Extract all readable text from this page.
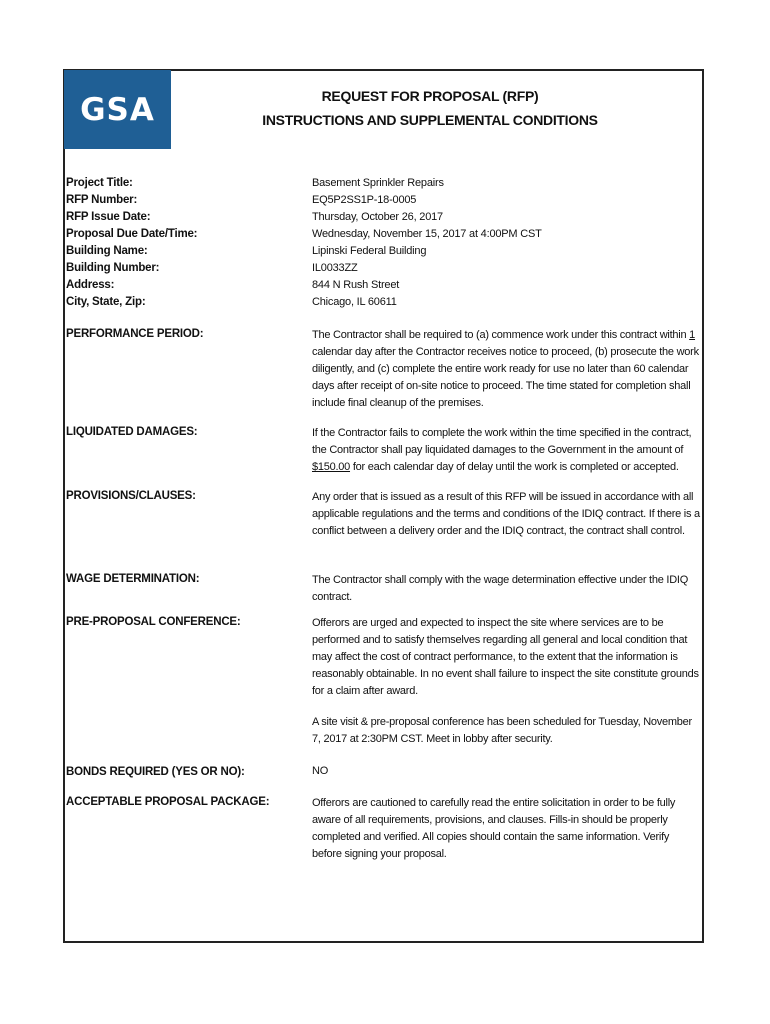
GSA	REQUEST FOR PROPOSAL (RFP)
INSTRUCTIONS AND SUPPLEMENTAL CONDITIONS
Project Title:	Basement Sprinkler Repairs
RFP Number:	EQ5P2SS1P-18-0005
RFP Issue Date:	Thursday, October 26, 2017
Proposal Due Date/Time:	Wednesday, November 15, 2017 at 4:00PM CST
Building Name:	Lipinski Federal Building
Building Number:	IL0033ZZ
Address:	844 N Rush Street
City, State, Zip:	Chicago, IL 60611
PERFORMANCE PERIOD:	The Contractor shall be required to (a) commence work under this contract within 1 calendar day after the Contractor receives notice to proceed, (b) prosecute the work diligently, and (c) complete the entire work ready for use no later than 60 calendar days after receipt of on-site notice to proceed. The time stated for completion shall include final cleanup of the premises.
LIQUIDATED DAMAGES:	If the Contractor fails to complete the work within the time specified in the contract, the Contractor shall pay liquidated damages to the Government in the amount of $150.00 for each calendar day of delay until the work is completed or accepted.
PROVISIONS/CLAUSES:	Any order that is issued as a result of this RFP will be issued in accordance with all applicable regulations and the terms and conditions of the IDIQ contract. If there is a conflict between a delivery order and the IDIQ contract, the contract shall control.
WAGE DETERMINATION:	The Contractor shall comply with the wage determination effective under the IDIQ contract.
PRE-PROPOSAL CONFERENCE:	Offerors are urged and expected to inspect the site where services are to be performed and to satisfy themselves regarding all general and local condition that may affect the cost of contract performance, to the extent that the information is reasonably obtainable. In no event shall failure to inspect the site constitute grounds for a claim after award.
A site visit & pre-proposal conference has been scheduled for Tuesday, November 7, 2017 at 2:30PM CST. Meet in lobby after security.
BONDS REQUIRED (YES OR NO):	NO
ACCEPTABLE PROPOSAL PACKAGE:	Offerors are cautioned to carefully read the entire solicitation in order to be fully aware of all requirements, provisions, and clauses. Fills-in should be properly completed and verified. All copies should contain the same information. Verify before signing your proposal.
